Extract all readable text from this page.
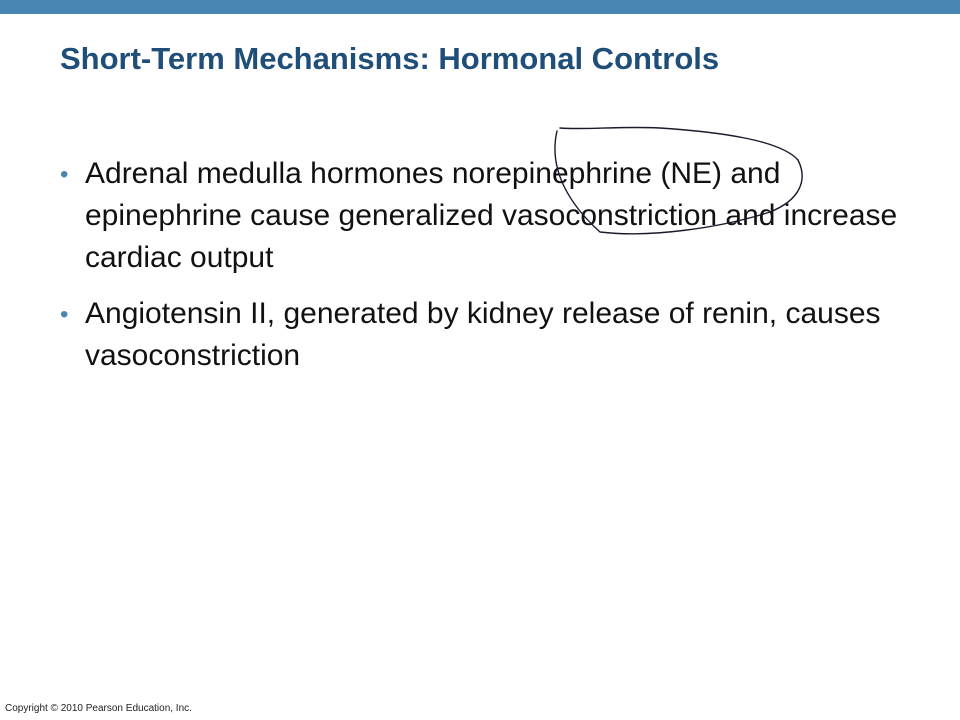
Short-Term Mechanisms: Hormonal Controls
• Adrenal medulla hormones norepinephrine (NE) and epinephrine cause generalized vasoconstriction and increase cardiac output
• Angiotensin II, generated by kidney release of renin, causes vasoconstriction
Copyright © 2010 Pearson Education, Inc.
